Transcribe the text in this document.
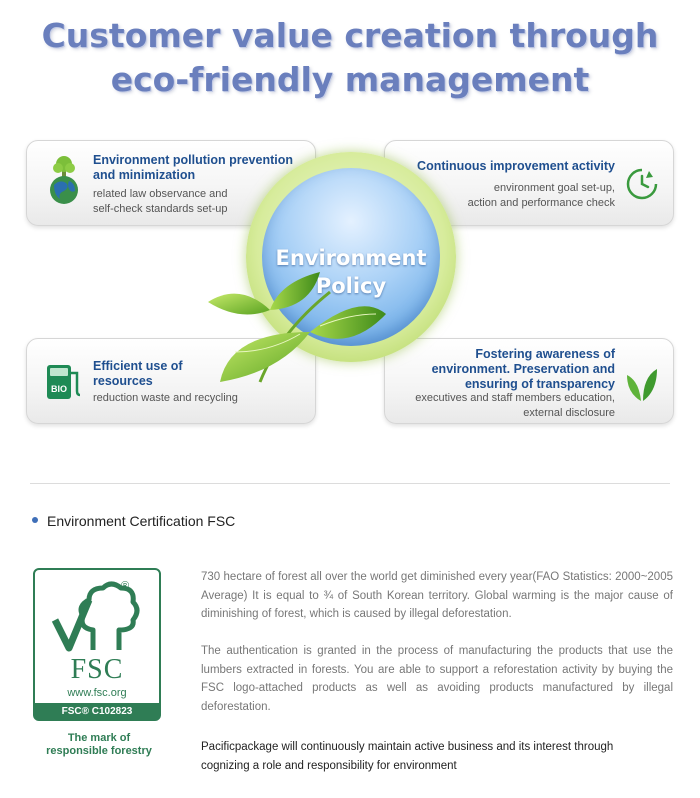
Customer value creation through
eco-friendly management
Environment pollution prevention
and minimization
related law observance and
self-check standards set-up
Continuous improvement activity
environment goal set-up,
action and performance check
BIO
Efficient use of
resources
reduction waste and recycling
Fostering awareness of
environment. Preservation and
ensuring of transparency
executives and staff members education,
external disclosure
Environment
Policy
Environment Certification FSC
®
FSC
www.fsc.org
FSC® C102823
The mark of
responsible forestry
730 hectare of forest all over the world get diminished every year(FAO Statistics: 2000~2005 Average) It is equal to ¾ of South Korean territory. Global warming is the major cause of diminishing of forest, which is caused by illegal deforestation.
The authentication is granted in the process of manufacturing the products that use the lumbers extracted in forests. You are able to support a reforestation activity by buying the FSC logo-attached products as well as avoiding products manufactured by illegal deforestation.
Pacificpackage will continuously maintain active business and its interest through
cognizing a role and responsibility for environment
